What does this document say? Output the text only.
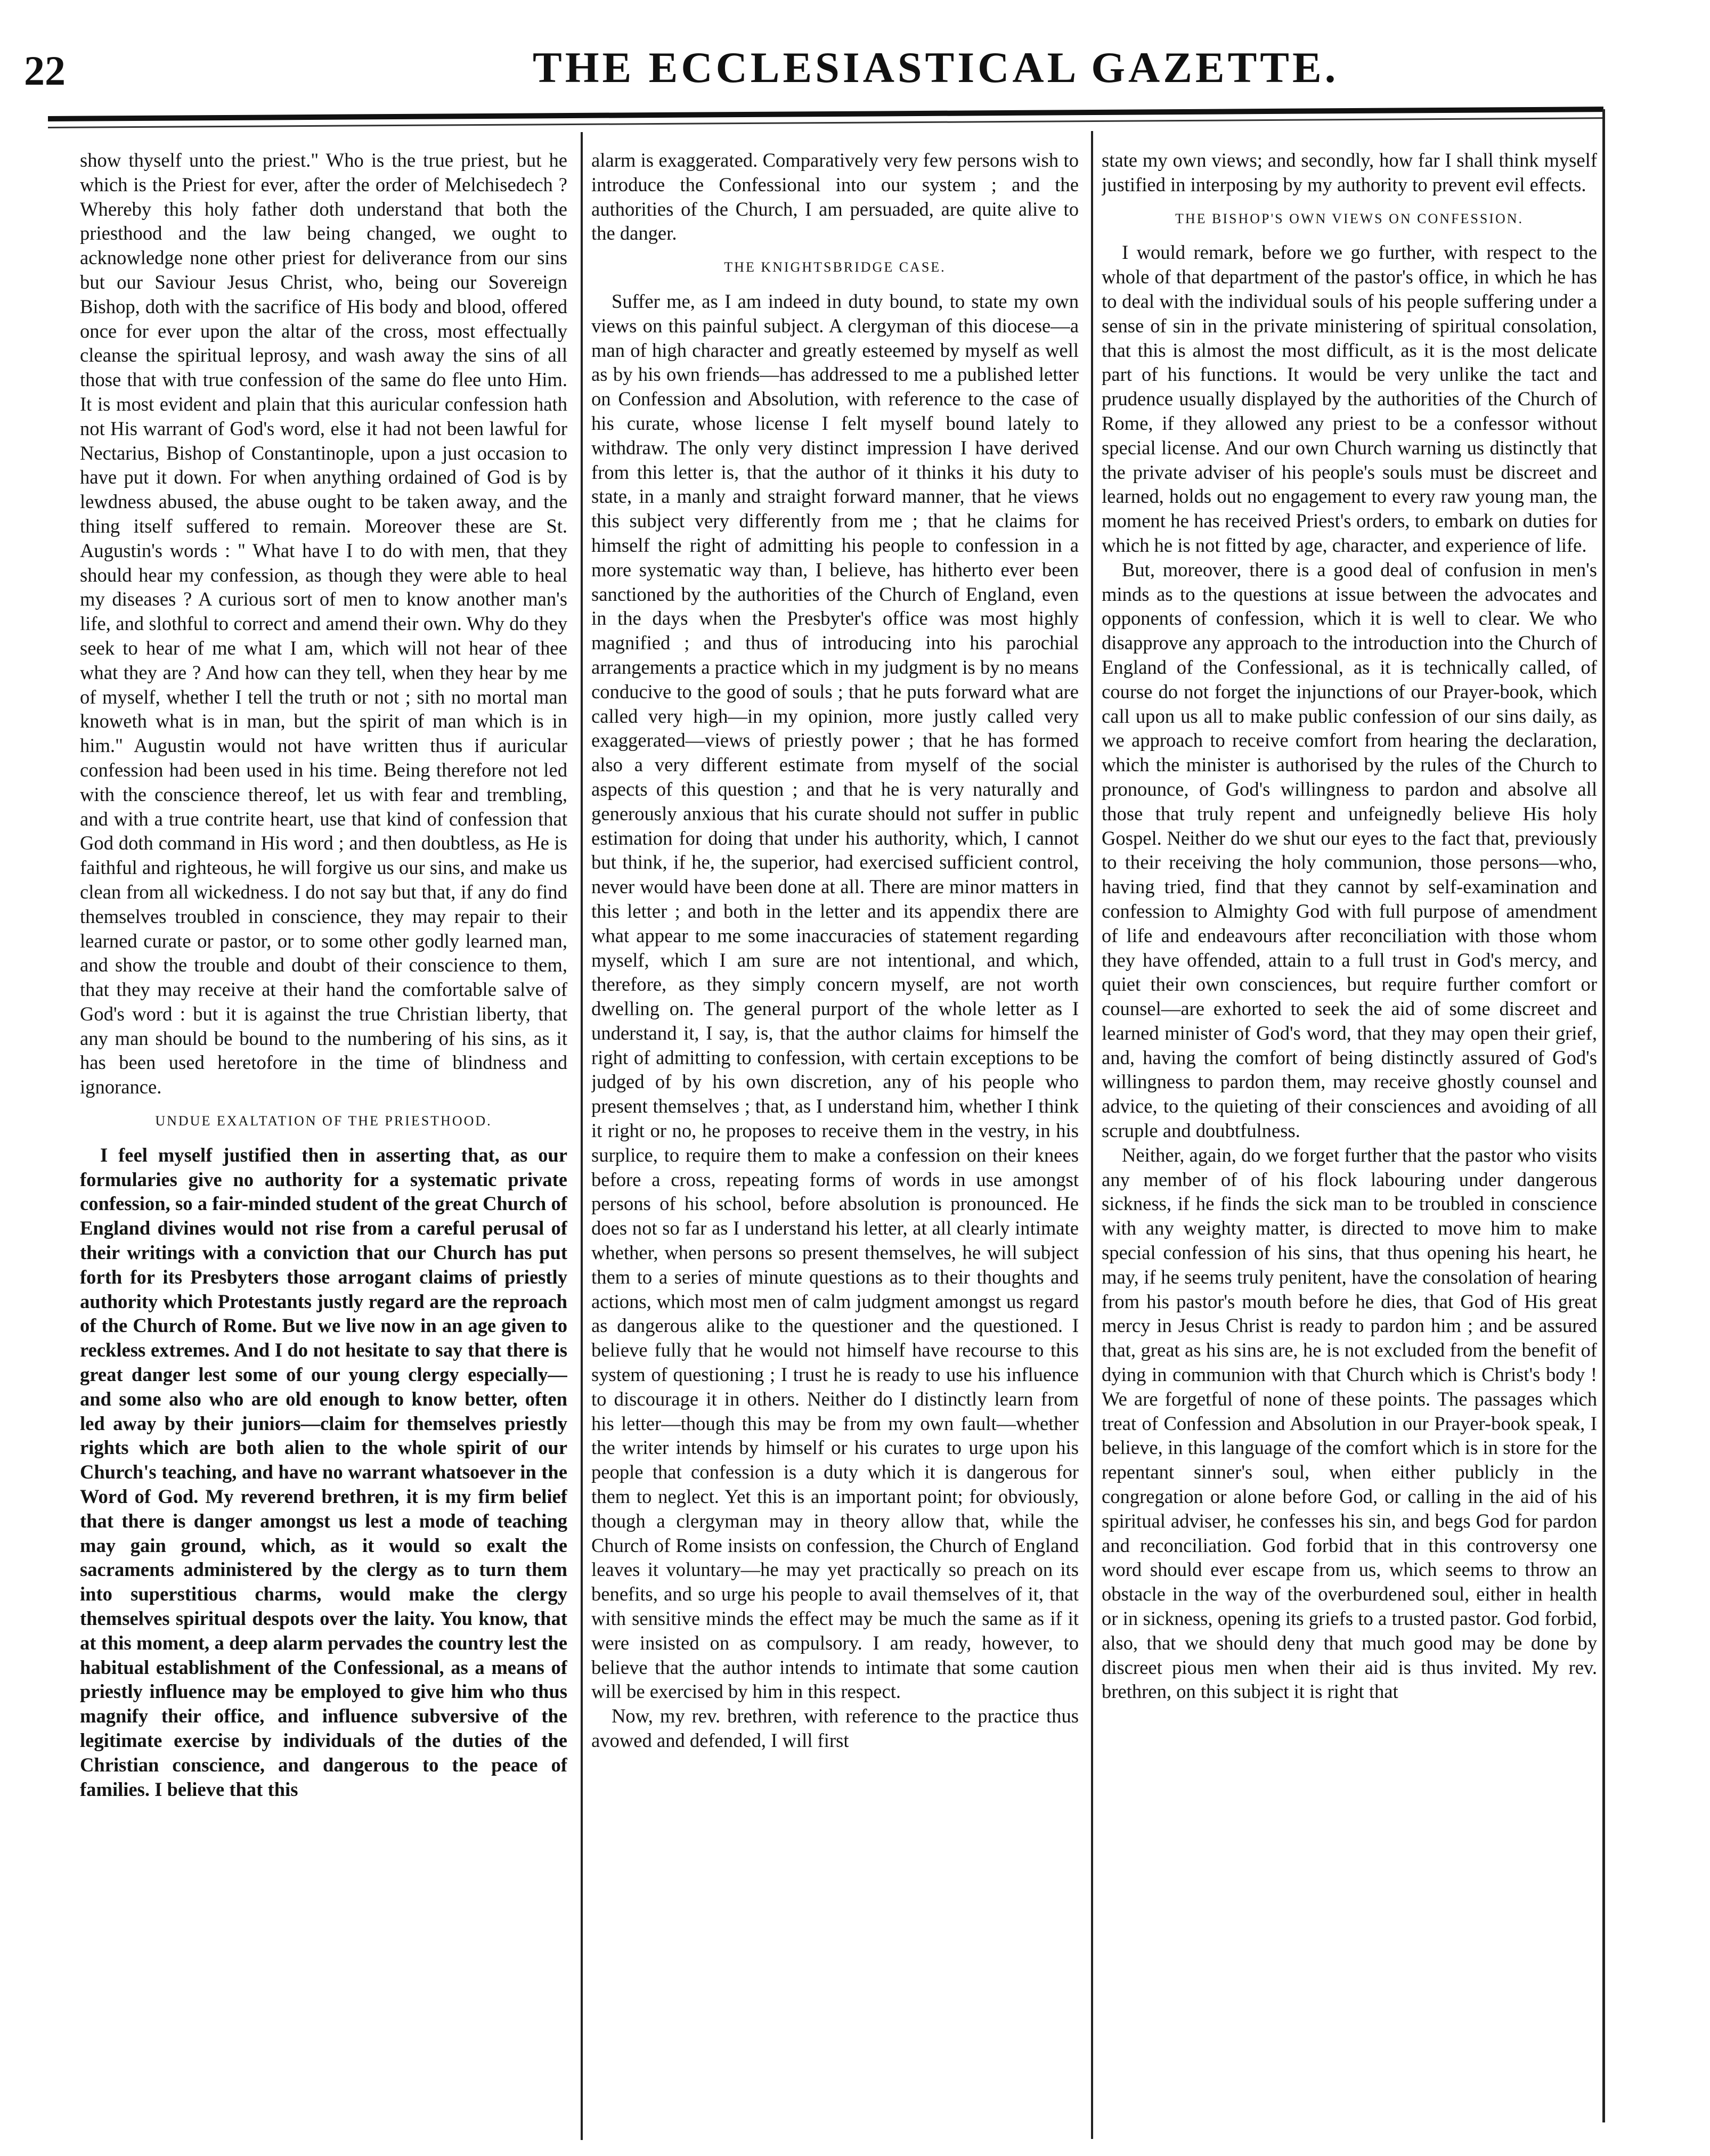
22	THE ECCLESIASTICAL GAZETTE.

show thyself unto the priest." Who is the true priest, but he which is the Priest for ever, after the order of Melchisedech ? Whereby this holy father doth understand that both the priesthood and the law being changed, we ought to acknowledge none other priest for deliverance from our sins but our Saviour Jesus Christ, who, being our Sovereign Bishop, doth with the sacrifice of His body and blood, offered once for ever upon the altar of the cross, most effectually cleanse the spiritual leprosy, and wash away the sins of all those that with true confession of the same do flee unto Him. It is most evident and plain that this auricular confession hath not His warrant of God's word, else it had not been lawful for Nectarius, Bishop of Constantinople, upon a just occasion to have put it down. For when anything ordained of God is by lewdness abused, the abuse ought to be taken away, and the thing itself suffered to remain. Moreover these are St. Augustin's words : " What have I to do with men, that they should hear my confession, as though they were able to heal my diseases ? A curious sort of men to know another man's life, and slothful to correct and amend their own. Why do they seek to hear of me what I am, which will not hear of thee what they are ? And how can they tell, when they hear by me of myself, whether I tell the truth or not ; sith no mortal man knoweth what is in man, but the spirit of man which is in him." Augustin would not have written thus if auricular confession had been used in his time. Being therefore not led with the conscience thereof, let us with fear and trembling, and with a true contrite heart, use that kind of confession that God doth command in His word ; and then doubtless, as He is faithful and righteous, he will forgive us our sins, and make us clean from all wickedness. I do not say but that, if any do find themselves troubled in conscience, they may repair to their learned curate or pastor, or to some other godly learned man, and show the trouble and doubt of their conscience to them, that they may receive at their hand the comfortable salve of God's word : but it is against the true Christian liberty, that any man should be bound to the numbering of his sins, as it has been used heretofore in the time of blindness and ignorance.

UNDUE EXALTATION OF THE PRIESTHOOD.

I feel myself justified then in asserting that, as our formularies give no authority for a systematic private confession, so a fair-minded student of the great Church of England divines would not rise from a careful perusal of their writings with a conviction that our Church has put forth for its Presbyters those arrogant claims of priestly authority which Protestants justly regard are the reproach of the Church of Rome. But we live now in an age given to reckless extremes. And I do not hesitate to say that there is great danger lest some of our young clergy especially—and some also who are old enough to know better, often led away by their juniors—claim for themselves priestly rights which are both alien to the whole spirit of our Church's teaching, and have no warrant whatsoever in the Word of God. My reverend brethren, it is my firm belief that there is danger amongst us lest a mode of teaching may gain ground, which, as it would so exalt the sacraments administered by the clergy as to turn them into superstitious charms, would make the clergy themselves spiritual despots over the laity. You know, that at this moment, a deep alarm pervades the country lest the habitual establishment of the Confessional, as a means of priestly influence may be employed to give him who thus magnify their office, and influence subversive of the legitimate exercise by individuals of the duties of the Christian conscience, and dangerous to the peace of families. I believe that this

alarm is exaggerated. Comparatively very few persons wish to introduce the Confessional into our system ; and the authorities of the Church, I am persuaded, are quite alive to the danger.

THE KNIGHTSBRIDGE CASE.

Suffer me, as I am indeed in duty bound, to state my own views on this painful subject. A clergyman of this diocese—a man of high character and greatly esteemed by myself as well as by his own friends—has addressed to me a published letter on Confession and Absolution, with reference to the case of his curate, whose license I felt myself bound lately to withdraw. The only very distinct impression I have derived from this letter is, that the author of it thinks it his duty to state, in a manly and straight forward manner, that he views this subject very differently from me ; that he claims for himself the right of admitting his people to confession in a more systematic way than, I believe, has hitherto ever been sanctioned by the authorities of the Church of England, even in the days when the Presbyter's office was most highly magnified ; and thus of introducing into his parochial arrangements a practice which in my judgment is by no means conducive to the good of souls ; that he puts forward what are called very high—in my opinion, more justly called very exaggerated—views of priestly power ; that he has formed also a very different estimate from myself of the social aspects of this question ; and that he is very naturally and generously anxious that his curate should not suffer in public estimation for doing that under his authority, which, I cannot but think, if he, the superior, had exercised sufficient control, never would have been done at all. There are minor matters in this letter ; and both in the letter and its appendix there are what appear to me some inaccuracies of statement regarding myself, which I am sure are not intentional, and which, therefore, as they simply concern myself, are not worth dwelling on. The general purport of the whole letter as I understand it, I say, is, that the author claims for himself the right of admitting to confession, with certain exceptions to be judged of by his own discretion, any of his people who present themselves ; that, as I understand him, whether I think it right or no, he proposes to receive them in the vestry, in his surplice, to require them to make a confession on their knees before a cross, repeating forms of words in use amongst persons of his school, before absolution is pronounced. He does not so far as I understand his letter, at all clearly intimate whether, when persons so present themselves, he will subject them to a series of minute questions as to their thoughts and actions, which most men of calm judgment amongst us regard as dangerous alike to the questioner and the questioned. I believe fully that he would not himself have recourse to this system of questioning ; I trust he is ready to use his influence to discourage it in others. Neither do I distinctly learn from his letter—though this may be from my own fault—whether the writer intends by himself or his curates to urge upon his people that confession is a duty which it is dangerous for them to neglect. Yet this is an important point; for obviously, though a clergyman may in theory allow that, while the Church of Rome insists on confession, the Church of England leaves it voluntary—he may yet practically so preach on its benefits, and so urge his people to avail themselves of it, that with sensitive minds the effect may be much the same as if it were insisted on as compulsory. I am ready, however, to believe that the author intends to intimate that some caution will be exercised by him in this respect.

Now, my rev. brethren, with reference to the practice thus avowed and defended, I will first

state my own views; and secondly, how far I shall think myself justified in interposing by my authority to prevent evil effects.

THE BISHOP'S OWN VIEWS ON CONFESSION.

I would remark, before we go further, with respect to the whole of that department of the pastor's office, in which he has to deal with the individual souls of his people suffering under a sense of sin in the private ministering of spiritual consolation, that this is almost the most difficult, as it is the most delicate part of his functions. It would be very unlike the tact and prudence usually displayed by the authorities of the Church of Rome, if they allowed any priest to be a confessor without special license. And our own Church warning us distinctly that the private adviser of his people's souls must be discreet and learned, holds out no engagement to every raw young man, the moment he has received Priest's orders, to embark on duties for which he is not fitted by age, character, and experience of life.

But, moreover, there is a good deal of confusion in men's minds as to the questions at issue between the advocates and opponents of confession, which it is well to clear. We who disapprove any approach to the introduction into the Church of England of the Confessional, as it is technically called, of course do not forget the injunctions of our Prayer-book, which call upon us all to make public confession of our sins daily, as we approach to receive comfort from hearing the declaration, which the minister is authorised by the rules of the Church to pronounce, of God's willingness to pardon and absolve all those that truly repent and unfeignedly believe His holy Gospel. Neither do we shut our eyes to the fact that, previously to their receiving the holy communion, those persons—who, having tried, find that they cannot by self-examination and confession to Almighty God with full purpose of amendment of life and endeavours after reconciliation with those whom they have offended, attain to a full trust in God's mercy, and quiet their own consciences, but require further comfort or counsel—are exhorted to seek the aid of some discreet and learned minister of God's word, that they may open their grief, and, having the comfort of being distinctly assured of God's willingness to pardon them, may receive ghostly counsel and advice, to the quieting of their consciences and avoiding of all scruple and doubtfulness.

Neither, again, do we forget further that the pastor who visits any member of of his flock labouring under dangerous sickness, if he finds the sick man to be troubled in conscience with any weighty matter, is directed to move him to make special confession of his sins, that thus opening his heart, he may, if he seems truly penitent, have the consolation of hearing from his pastor's mouth before he dies, that God of His great mercy in Jesus Christ is ready to pardon him ; and be assured that, great as his sins are, he is not excluded from the benefit of dying in communion with that Church which is Christ's body ! We are forgetful of none of these points. The passages which treat of Confession and Absolution in our Prayer-book speak, I believe, in this language of the comfort which is in store for the repentant sinner's soul, when either publicly in the congregation or alone before God, or calling in the aid of his spiritual adviser, he confesses his sin, and begs God for pardon and reconciliation. God forbid that in this controversy one word should ever escape from us, which seems to throw an obstacle in the way of the overburdened soul, either in health or in sickness, opening its griefs to a trusted pastor. God forbid, also, that we should deny that much good may be done by discreet pious men when their aid is thus invited. My rev. brethren, on this subject it is right that
